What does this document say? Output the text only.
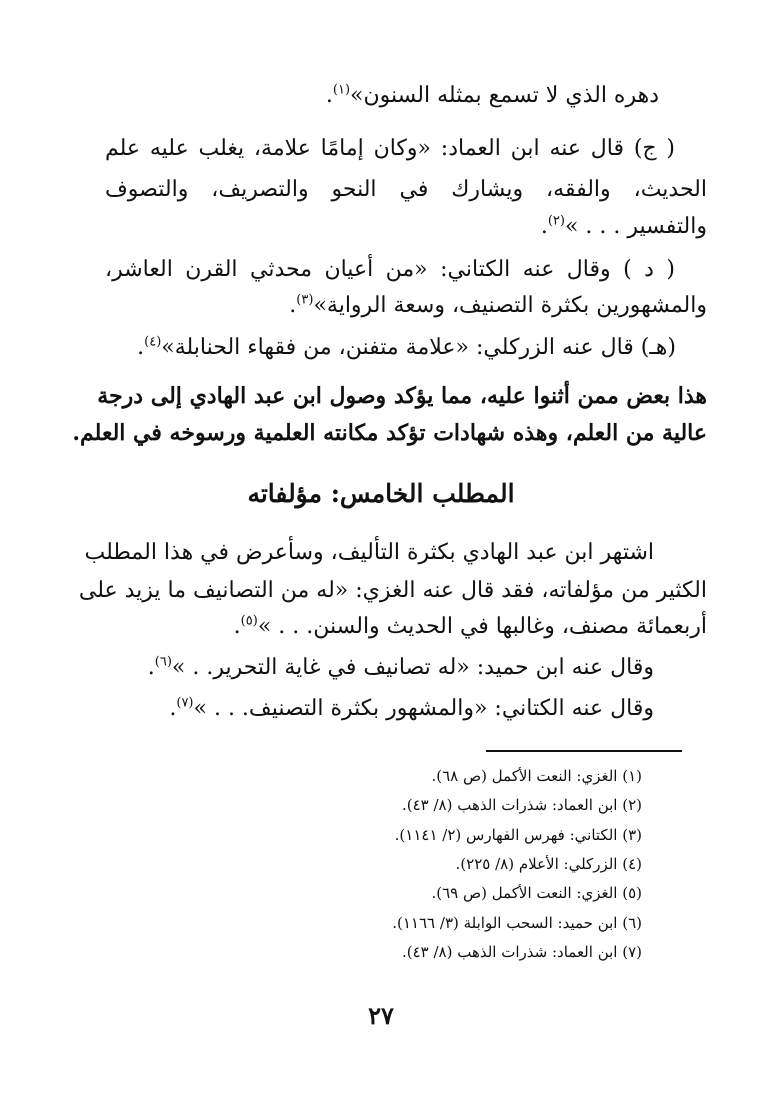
دهره الذي لا تسمع بمثله السنون»$^{(١)}$.
( ج) قال عنه ابن العماد: «وكان إمامًا علامة، يغلب عليه علم
الحديث، والفقه، ويشارك في النحو والتصريف، والتصوف
والتفسير . . . »$^{(٢)}$.
( د ) وقال عنه الكتاني: «من أعيان محدثي القرن العاشر،
والمشهورين بكثرة التصنيف، وسعة الرواية»$^{(٣)}$.
(هـ) قال عنه الزركلي: «علامة متفنن، من فقهاء الحنابلة»$^{(٤)}$.
هذا بعض ممن أثنوا عليه، مما يؤكد وصول ابن عبد الهادي إلى درجة
عالية من العلم، وهذه شهادات تؤكد مكانته العلمية ورسوخه في العلم.
المطلب الخامس: مؤلفاته
اشتهر ابن عبد الهادي بكثرة التأليف، وسأعرض في هذا المطلب
الكثير من مؤلفاته، فقد قال عنه الغزي: «له من التصانيف ما يزيد على
أربعمائة مصنف، وغالبها في الحديث والسنن. . . »$^{(٥)}$.
وقال عنه ابن حميد: «له تصانيف في غاية التحرير. . »$^{(٦)}$.
وقال عنه الكتاني: «والمشهور بكثرة التصنيف. . . »$^{(٧)}$.
(١) الغزي: النعت الأكمل (ص ٦٨).
(٢) ابن العماد: شذرات الذهب (٨/ ٤٣).
(٣) الكتاني: فهرس الفهارس (٢/ ١١٤١).
(٤) الزركلي: الأعلام (٨/ ٢٢٥).
(٥) الغزي: النعت الأكمل (ص ٦٩).
(٦) ابن حميد: السحب الوابلة (٣/ ١١٦٦).
(٧) ابن العماد: شذرات الذهب (٨/ ٤٣).
٢٧
